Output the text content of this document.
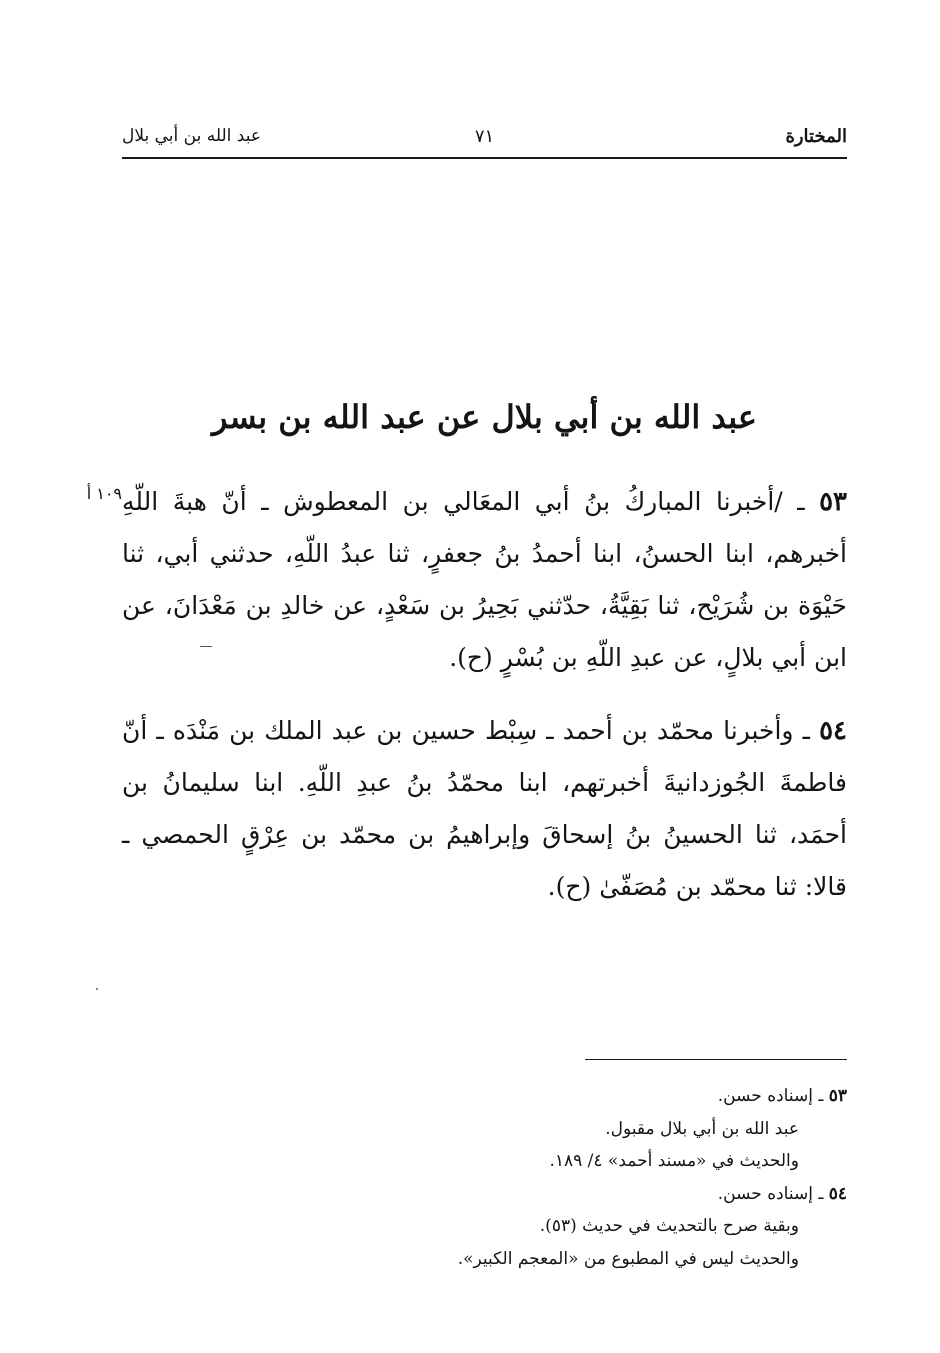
المختارة
٧١
عبد الله بن أبي بلال
عبد الله بن أبي بلال عن عبد الله بن بسر
١٠٩ أ	٥٣ ـ /أخبرنا المباركُ بنُ أبي المعَالي بن المعطوش ـ أنّ هبةَ اللّهِ أخبرهم، ابنا الحسنُ، ابنا أحمدُ بنُ جعفرٍ، ثنا عبدُ اللّهِ، حدثني أبي، ثنا حَيْوَة بن شُرَيْح، ثنا بَقِيَّةُ، حدّثني بَحِيرُ بن سَعْدٍ، عن خالدِ بن مَعْدَانَ، عن ابن أبي بلالٍ، عن عبدِ اللّهِ بن بُسْرٍ (ح).
٥٤ ـ وأخبرنا محمّد بن أحمد ـ سِبْط حسين بن عبد الملك بن مَنْدَه ـ أنّ فاطمةَ الجُوزدانيةَ أخبرتهم، ابنا محمّدُ بنُ عبدِ اللّهِ. ابنا سليمانُ بن أحمَد، ثنا الحسينُ بنُ إسحاقَ وإبراهيمُ بن محمّد بن عِرْقٍ الحمصي ـ قالا: ثنا محمّد بن مُصَفّىٰ (ح).
٥٣ ـ إسناده حسن.
عبد الله بن أبي بلال مقبول.
والحديث في «مسند أحمد» ٤/ ١٨٩.
٥٤ ـ إسناده حسن.
وبقية صرح بالتحديث في حديث (٥٣).
والحديث ليس في المطبوع من «المعجم الكبير».
